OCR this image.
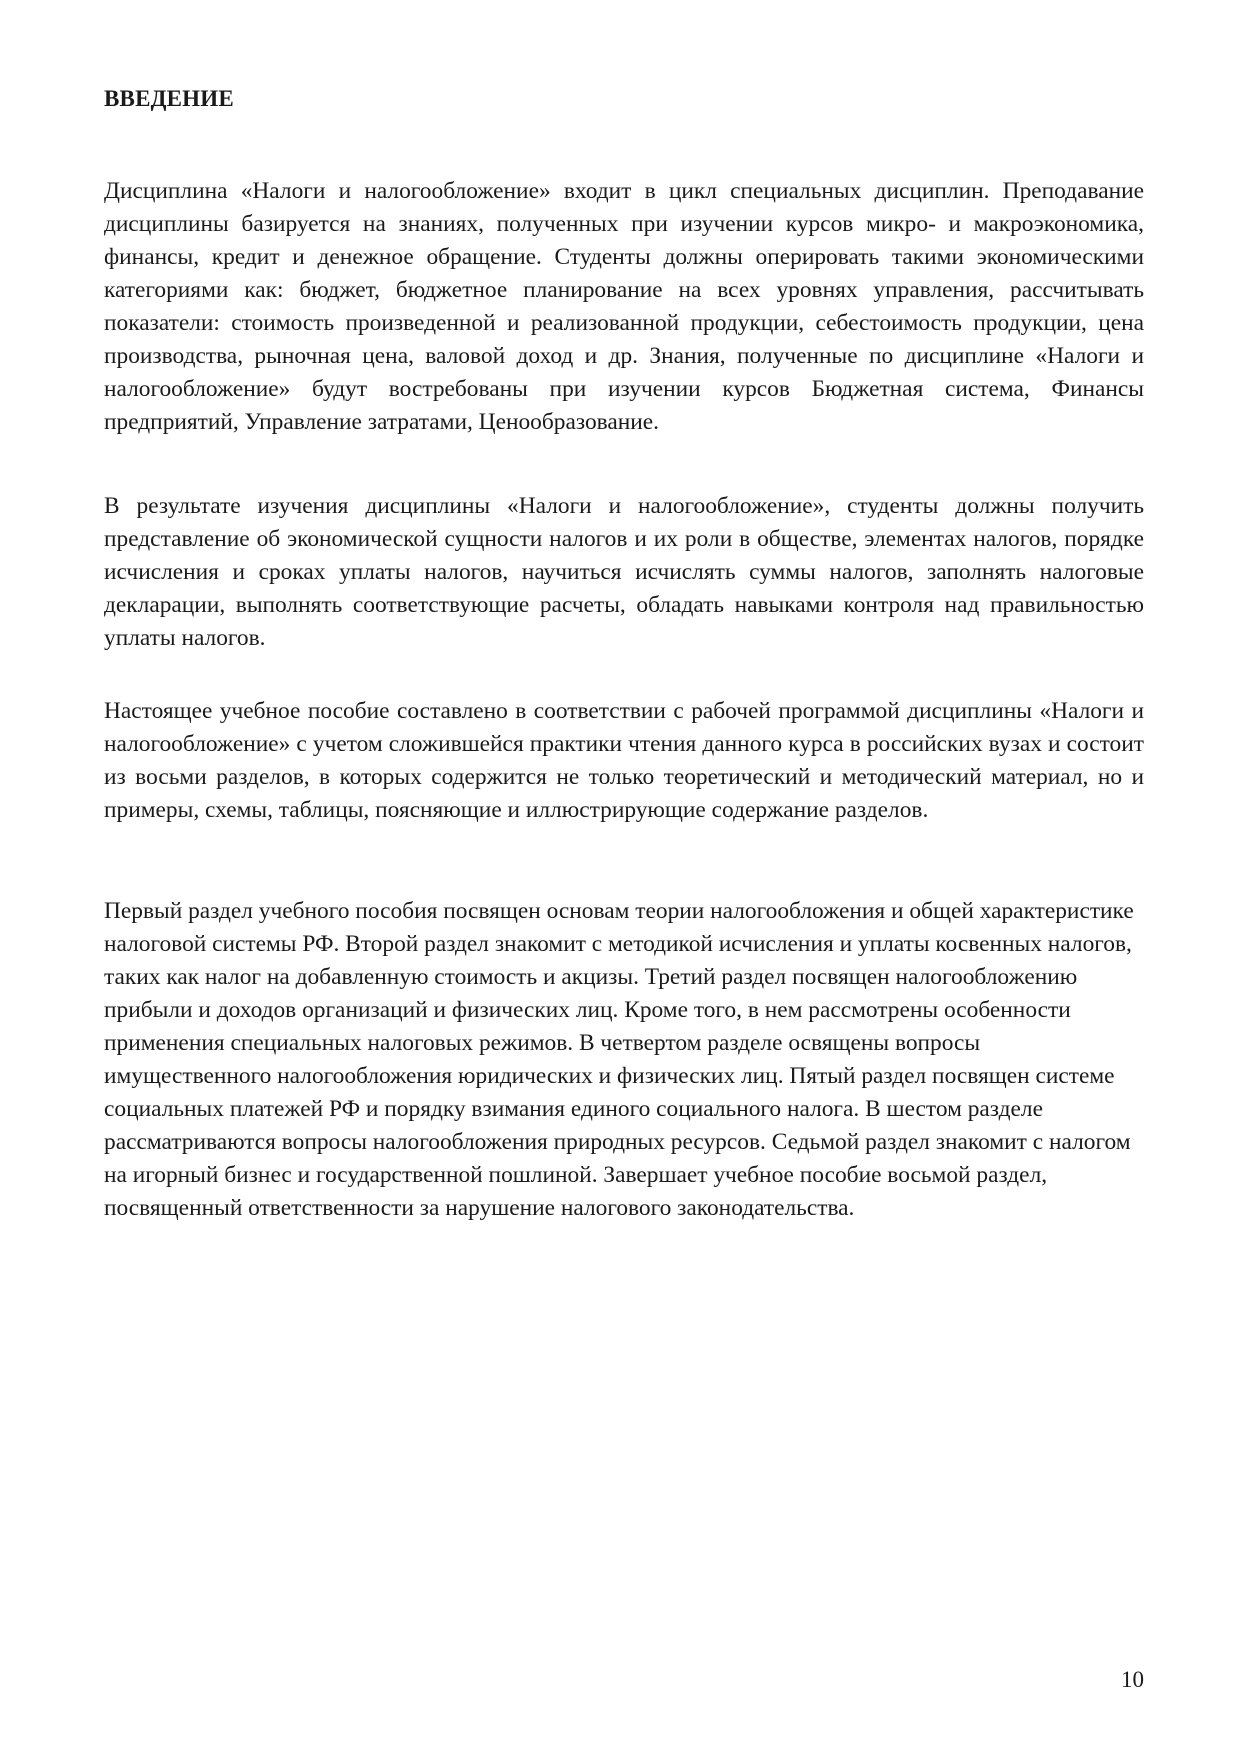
ВВЕДЕНИЕ

Дисциплина «Налоги и налогообложение» входит в цикл специальных дисциплин. Преподавание дисциплины базируется на знаниях, полученных при изучении курсов микро- и макроэкономика, финансы, кредит и денежное обращение. Студенты должны оперировать такими экономическими категориями как: бюджет, бюджетное планирование на всех уровнях управления, рассчитывать показатели: стоимость произведенной и реализованной продукции, себестоимость продукции, цена производства, рыночная цена, валовой доход и др. Знания, полученные по дисциплине «Налоги и налогообложение» будут востребованы при изучении курсов Бюджетная система, Финансы предприятий, Управление затратами, Ценообразование.

В результате изучения дисциплины «Налоги и налогообложение», студенты должны получить представление об экономической сущности налогов и их роли в обществе, элементах налогов, порядке исчисления и сроках уплаты налогов, научиться исчислять суммы налогов, заполнять налоговые декларации, выполнять соответствующие расчеты, обладать навыками контроля над правильностью уплаты налогов.

Настоящее учебное пособие составлено в соответствии с рабочей программой дисциплины «Налоги и налогообложение» с учетом сложившейся практики чтения данного курса в российских вузах и состоит из восьми разделов, в которых содержится не только теоретический и методический материал, но и примеры, схемы, таблицы, поясняющие и иллюстрирующие содержание разделов.

Первый раздел учебного пособия посвящен основам теории налогообложения и общей характеристике налоговой системы РФ. Второй раздел знакомит с методикой исчисления и уплаты косвенных налогов, таких как налог на добавленную стоимость и акцизы. Третий раздел посвящен налогообложению прибыли и доходов организаций и физических лиц. Кроме того, в нем рассмотрены особенности применения специальных налоговых режимов. В четвертом разделе освящены вопросы имущественного налогообложения юридических и физических лиц. Пятый раздел посвящен системе социальных платежей РФ и порядку взимания единого социального налога. В шестом разделе рассматриваются вопросы налогообложения природных ресурсов. Седьмой раздел знакомит с налогом на игорный бизнес и государственной пошлиной. Завершает учебное пособие восьмой раздел, посвященный ответственности за нарушение налогового законодательства.

10
